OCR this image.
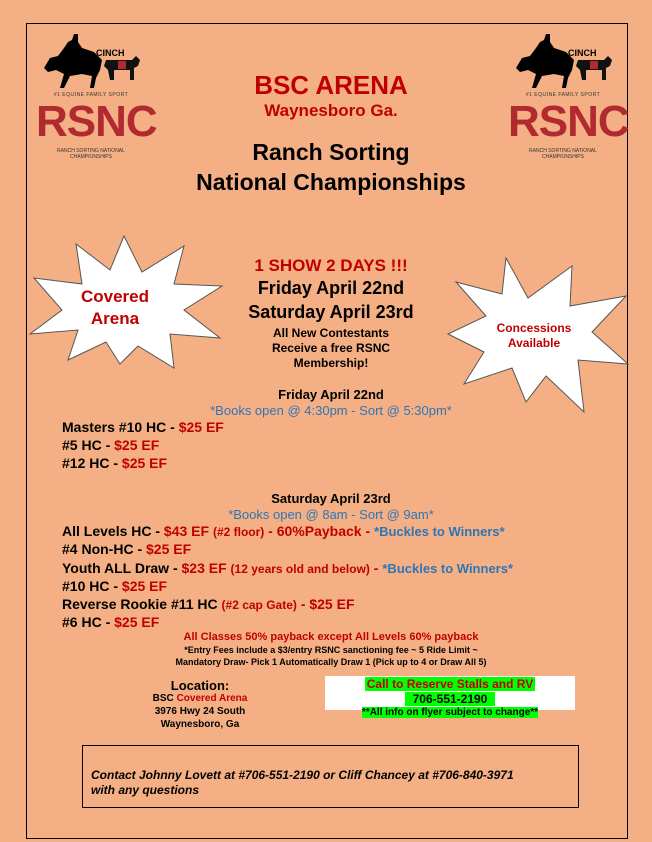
CINCH
#1 EQUINE FAMILY SPORT
RSNC
RANCH SORTING NATIONAL CHAMPIONSHIPS
CINCH
#1 EQUINE FAMILY SPORT
RSNC
RANCH SORTING NATIONAL CHAMPIONSHIPS
BSC ARENA
Waynesboro Ga.
Ranch Sorting
National Championships
Covered
Arena	Concessions
Available
1 SHOW 2 DAYS !!!
Friday April 22nd
Saturday April 23rd
All New Contestants
Receive a free RSNC
Membership!
Friday April 22nd
*Books open @ 4:30pm - Sort @ 5:30pm*
Masters #10 HC - $25 EF
#5 HC - $25 EF
#12 HC - $25 EF
Saturday April 23rd
*Books open @ 8am - Sort @ 9am*
All Levels HC - $43 EF (#2 floor) - 60%Payback - *Buckles to Winners*
#4 Non-HC - $25 EF
Youth ALL Draw - $23 EF (12 years old and below) - *Buckles to Winners*
#10 HC - $25 EF
Reverse Rookie #11 HC (#2 cap Gate) - $25 EF
#6 HC - $25 EF
All Classes 50% payback except All Levels 60% payback
*Entry Fees include a $3/entry RSNC sanctioning fee ~ 5 Ride Limit ~
Mandatory Draw- Pick 1 Automatically Draw 1 (Pick up to 4 or Draw All 5)
Location:
BSC Covered Arena
3976 Hwy 24 South
Waynesboro, Ga
Call to Reserve Stalls and RV
706-551-2190
**All info on flyer subject to change**
Contact Johnny Lovett at #706-551-2190 or Cliff Chancey at #706-840-3971
with any questions
